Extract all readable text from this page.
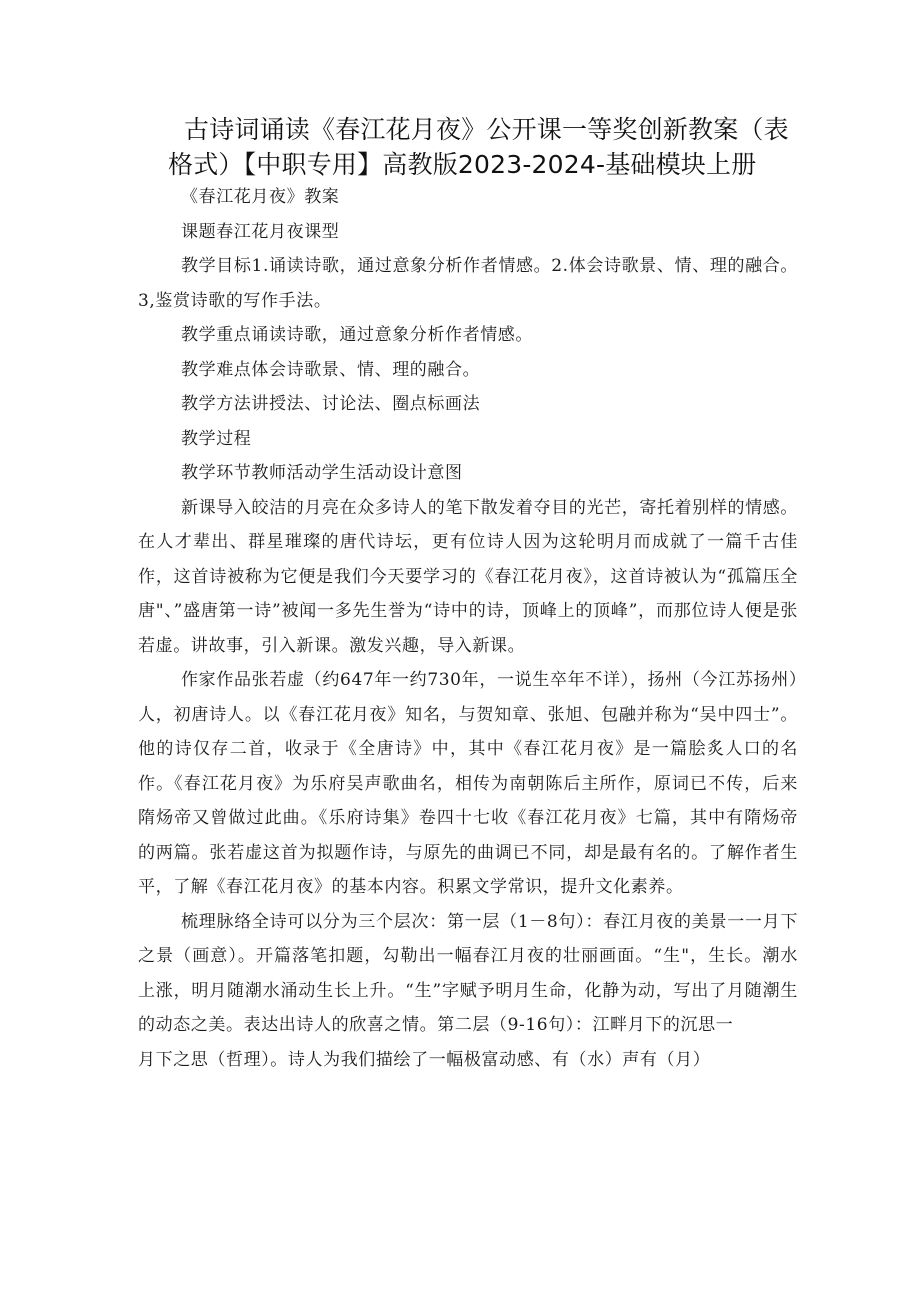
古诗词诵读《春江花月夜》公开课一等奖创新教案（表
格式）【中职专用】高教版2023-2024-基础模块上册

《春江花月夜》教案

课题春江花月夜课型

教学目标1.诵读诗歌，通过意象分析作者情感。2.体会诗歌景、情、理的融合。3,鉴赏诗歌的写作手法。

教学重点诵读诗歌，通过意象分析作者情感。

教学难点体会诗歌景、情、理的融合。

教学方法讲授法、讨论法、圈点标画法

教学过程

教学环节教师活动学生活动设计意图

新课导入皎洁的月亮在众多诗人的笔下散发着夺目的光芒，寄托着别样的情感。在人才辈出、群星璀璨的唐代诗坛，更有位诗人因为这轮明月而成就了一篇千古佳作，这首诗被称为它便是我们今天要学习的《春江花月夜》，这首诗被认为“孤篇压全唐"、”盛唐第一诗”被闻一多先生誉为“诗中的诗，顶峰上的顶峰”，而那位诗人便是张若虚。讲故事，引入新课。激发兴趣，导入新课。

作家作品张若虚（约647年一约730年，一说生卒年不详），扬州（今江苏扬州）人，初唐诗人。以《春江花月夜》知名，与贺知章、张旭、包融并称为“吴中四士”。他的诗仅存二首，收录于《全唐诗》中，其中《春江花月夜》是一篇脍炙人口的名作。《春江花月夜》为乐府吴声歌曲名，相传为南朝陈后主所作，原词已不传，后来隋炀帝又曾做过此曲。《乐府诗集》卷四十七收《春江花月夜》七篇，其中有隋炀帝的两篇。张若虚这首为拟题作诗，与原先的曲调已不同，却是最有名的。了解作者生平，了解《春江花月夜》的基本内容。积累文学常识，提升文化素养。

梳理脉络全诗可以分为三个层次：第一层（1－8句）：春江月夜的美景一一月下之景（画意）。开篇落笔扣题，勾勒出一幅春江月夜的壮丽画面。“生"，生长。潮水上涨，明月随潮水涌动生长上升。“生”字赋予明月生命，化静为动，写出了月随潮生的动态之美。表达出诗人的欣喜之情。第二层（9-16句）：江畔月下的沉思一

月下之思（哲理）。诗人为我们描绘了一幅极富动感、有（水）声有（月）
